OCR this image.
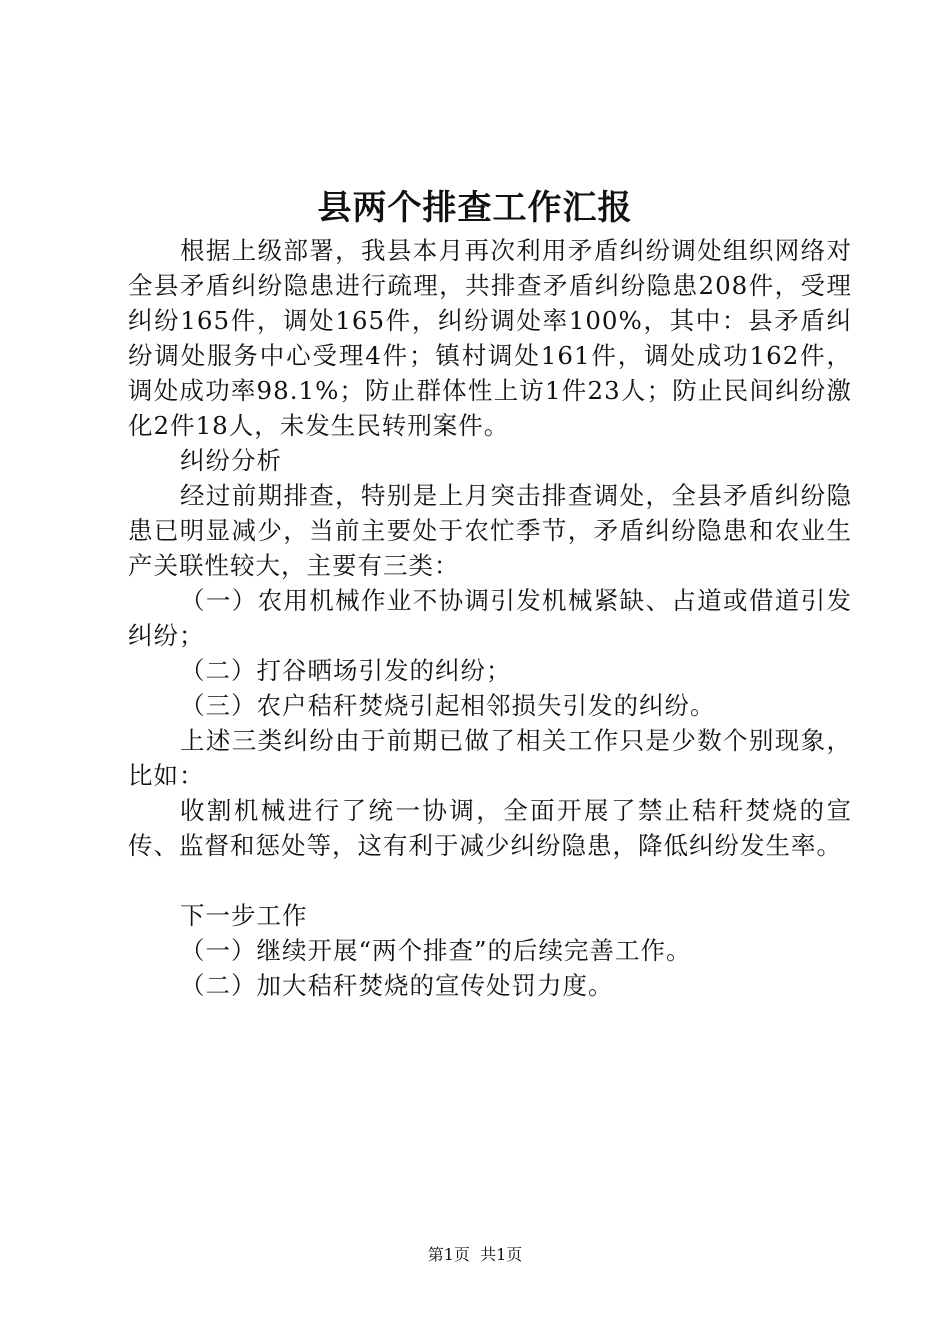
县两个排查工作汇报

根据上级部署，我县本月再次利用矛盾纠纷调处组织网络对全县矛盾纠纷隐患进行疏理，共排查矛盾纠纷隐患208件，受理纠纷165件，调处165件，纠纷调处率100%，其中：县矛盾纠纷调处服务中心受理4件；镇村调处161件，调处成功162件，调处成功率98.1%；防止群体性上访1件23人；防止民间纠纷激化2件18人，未发生民转刑案件。

纠纷分析

经过前期排查，特别是上月突击排查调处，全县矛盾纠纷隐患已明显减少，当前主要处于农忙季节，矛盾纠纷隐患和农业生产关联性较大，主要有三类：

（一）农用机械作业不协调引发机械紧缺、占道或借道引发纠纷；

（二）打谷晒场引发的纠纷；

（三）农户秸秆焚烧引起相邻损失引发的纠纷。

上述三类纠纷由于前期已做了相关工作只是少数个别现象，比如：

收割机械进行了统一协调，全面开展了禁止秸秆焚烧的宣传、监督和惩处等，这有利于减少纠纷隐患，降低纠纷发生率。

下一步工作

（一）继续开展“两个排查”的后续完善工作。

（二）加大秸秆焚烧的宣传处罚力度。

第1页  共1页
